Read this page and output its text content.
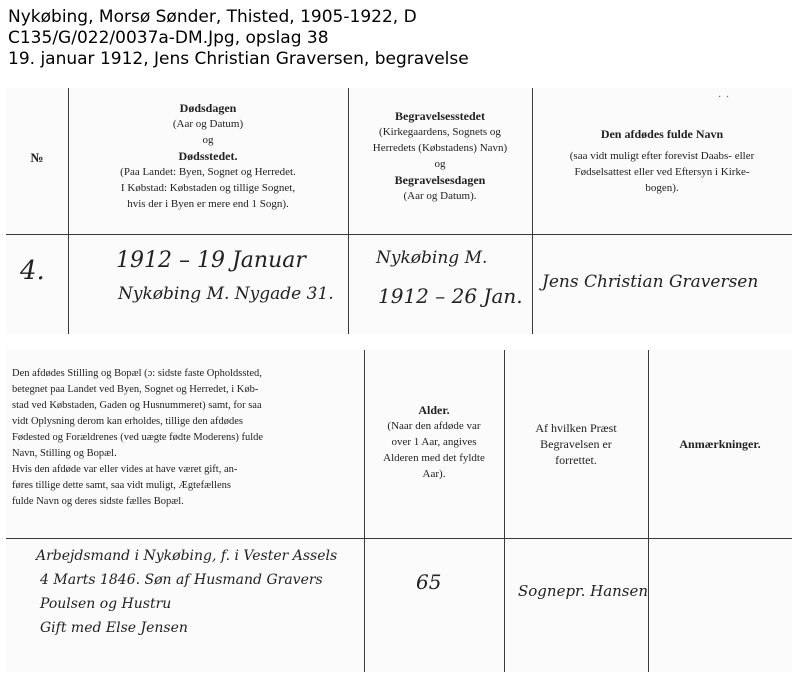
Nykøbing, Morsø Sønder, Thisted, 1905-1922, D
C135/G/022/0037a-DM.Jpg, opslag 38
19. januar 1912, Jens Christian Graversen, begravelse
· ·
№
Dødsdagen
(Aar og Datum)
og
Dødsstedet.
(Paa Landet: Byen, Sognet og Herredet.
I Købstad: Købstaden og tillige Sognet,
hvis der i Byen er mere end 1 Sogn).
Begravelsesstedet
(Kirkegaardens, Sognets og
Herredets (Købstadens) Navn)
og
Begravelsesdagen
(Aar og Datum).
Den afdødes fulde Navn
(saa vidt muligt efter forevist Daabs- eller
Fødselsattest eller ved Eftersyn i Kirke-
bogen).
4.	1912 – 19 Januar
Nykøbing M. Nygade 31.
Nykøbing M.
1912 – 26 Jan.
Jens Christian Graversen
Den afdødes Stilling og Bopæl (ɔ: sidste faste Opholdssted,
betegnet paa Landet ved Byen, Sognet og Herredet, i Køb-
stad ved Købstaden, Gaden og Husnummeret) samt, for saa
vidt Oplysning derom kan erholdes, tillige den afdødes
Fødested og Forældrenes (ved uægte fødte Moderens) fulde
Navn, Stilling og Bopæl.
Hvis den afdøde var eller vides at have været gift, an-
føres tillige dette samt, saa vidt muligt, Ægtefællens
fulde Navn og deres sidste fælles Bopæl.
Alder.
(Naar den afdøde var
over 1 Aar, angives
Alderen med det fyldte
Aar).
Af hvilken Præst
Begravelsen er
forrettet.
Anmærkninger.
Arbejdsmand i Nykøbing, f. i Vester Assels
4 Marts 1846. Søn af Husmand Gravers
Poulsen og Hustru
Gift med Else Jensen
65	Sognepr. Hansen
